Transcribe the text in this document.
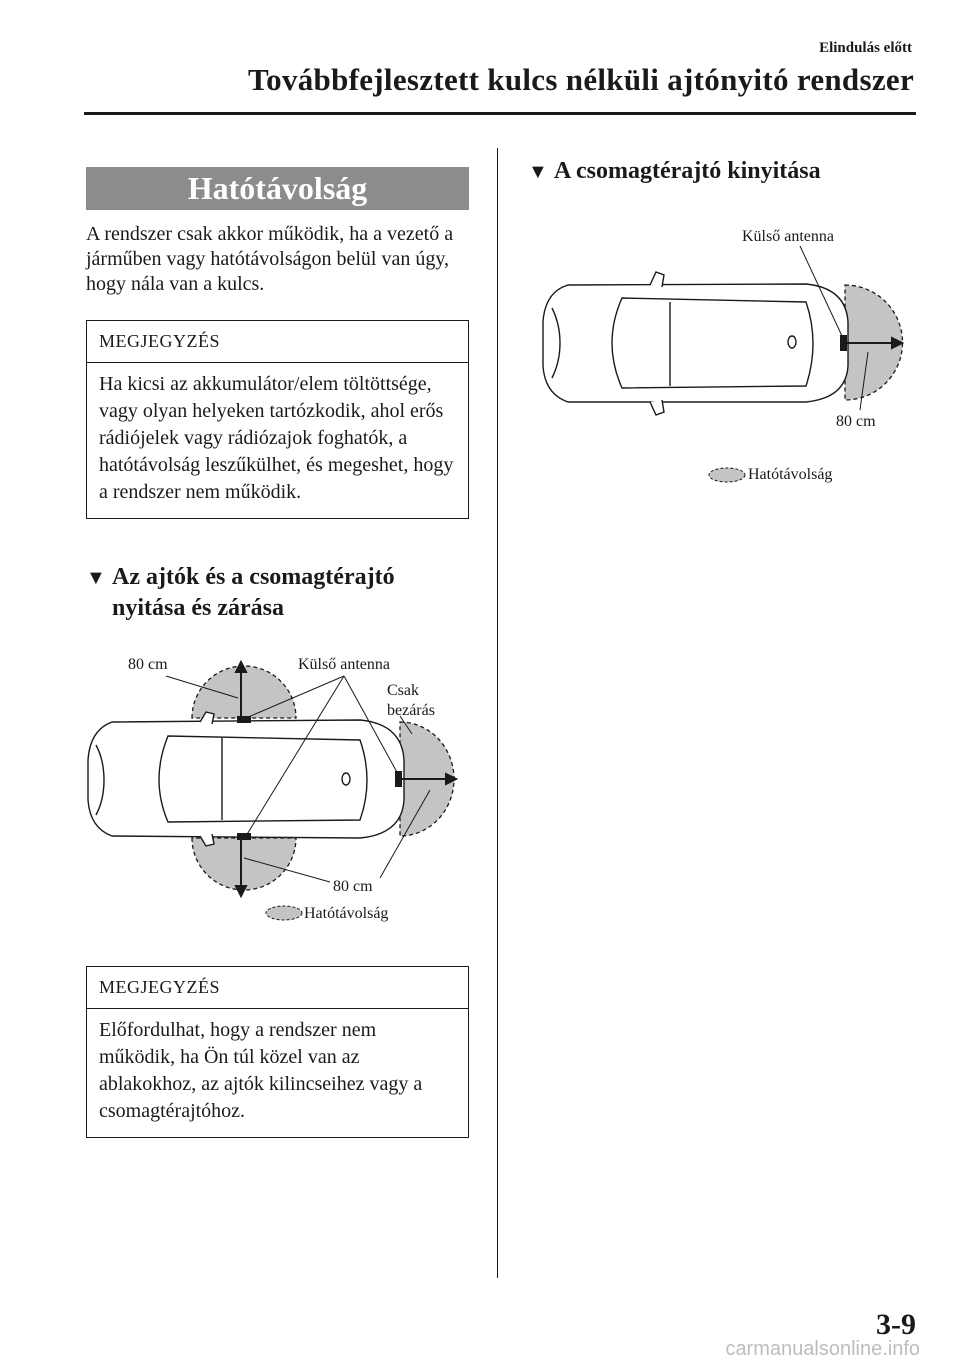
Elindulás előtt
Továbbfejlesztett kulcs nélküli ajtónyitó rendszer
Hatótávolság
A rendszer csak akkor működik, ha a vezető a járműben vagy hatótávolságon belül van úgy, hogy nála van a kulcs.
MEGJEGYZÉS
Ha kicsi az akkumulátor/elem töltöttsége, vagy olyan helyeken tartózkodik, ahol erős rádiójelek vagy rádiózajok foghatók, a hatótávolság leszűkülhet, és megeshet, hogy a rendszer nem működik.
▼ Az ajtók és a csomagtérajtó
nyitása és zárása
80 cm	Külső antenna
Csak
bezárás
80 cm
Hatótávolság
MEGJEGYZÉS
Előfordulhat, hogy a rendszer nem működik, ha Ön túl közel van az ablakokhoz, az ajtók kilincseihez vagy a csomagtérajtóhoz.
▼ A csomagtérajtó kinyitása
Külső antenna
80 cm
Hatótávolság
3-9
carmanualsonline.info
